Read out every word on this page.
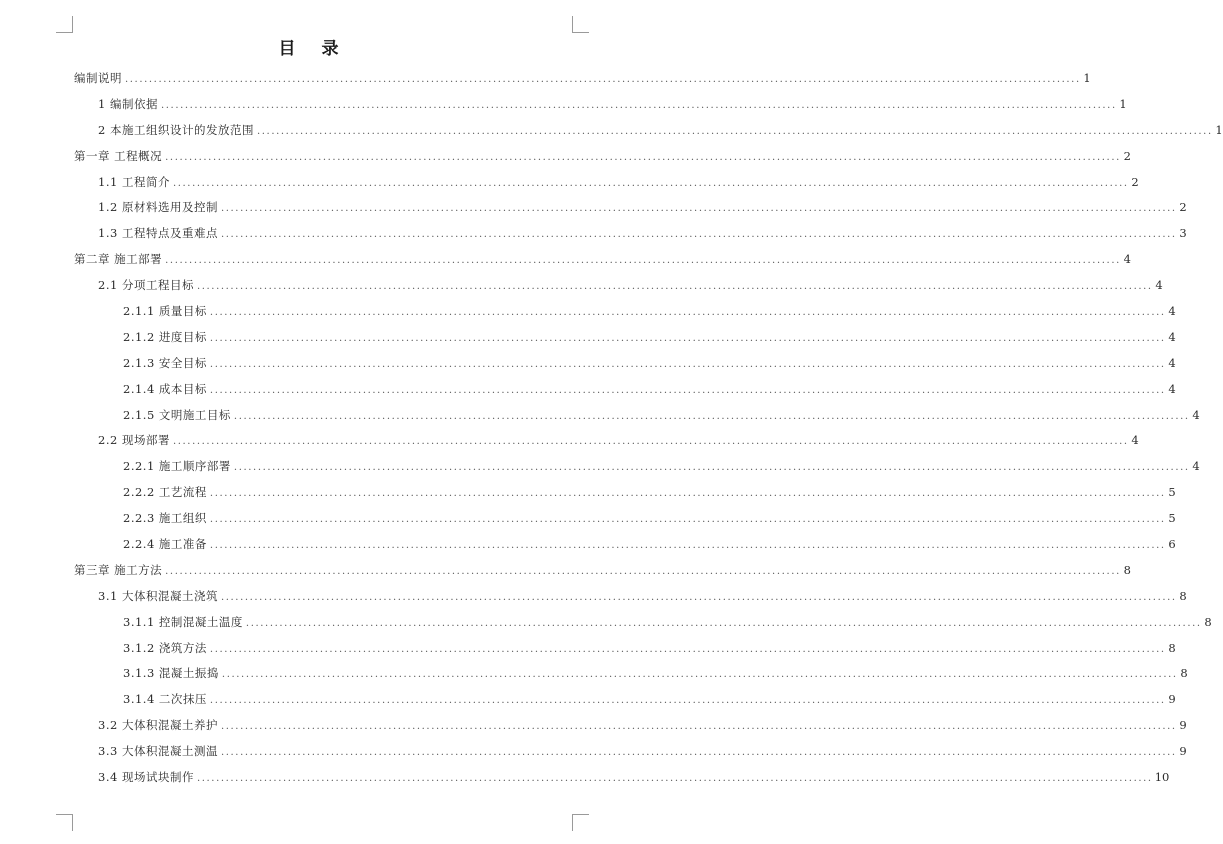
目 录
编制说明 ........................................................................................................................................................................................................ 1
1 编制依据 ........................................................................................................................................................................................................ 1
2 本施工组织设计的发放范围 ........................................................................................................................................................................................................ 1
第一章 工程概况 ........................................................................................................................................................................................................ 2
1.1 工程简介 ........................................................................................................................................................................................................ 2
1.2 原材料选用及控制 ........................................................................................................................................................................................................ 2
1.3 工程特点及重难点 ........................................................................................................................................................................................................ 3
第二章 施工部署 ........................................................................................................................................................................................................ 4
2.1 分项工程目标 ........................................................................................................................................................................................................ 4
2.1.1 质量目标 ........................................................................................................................................................................................................ 4
2.1.2 进度目标 ........................................................................................................................................................................................................ 4
2.1.3 安全目标 ........................................................................................................................................................................................................ 4
2.1.4 成本目标 ........................................................................................................................................................................................................ 4
2.1.5 文明施工目标 ........................................................................................................................................................................................................ 4
2.2 现场部署 ........................................................................................................................................................................................................ 4
2.2.1 施工顺序部署 ........................................................................................................................................................................................................ 4
2.2.2 工艺流程 ........................................................................................................................................................................................................ 5
2.2.3 施工组织 ........................................................................................................................................................................................................ 5
2.2.4 施工准备 ........................................................................................................................................................................................................ 6
第三章 施工方法 ........................................................................................................................................................................................................ 8
3.1 大体积混凝土浇筑 ........................................................................................................................................................................................................ 8
3.1.1 控制混凝土温度 ........................................................................................................................................................................................................ 8
3.1.2 浇筑方法 ........................................................................................................................................................................................................ 8
3.1.3 混凝土振捣 ........................................................................................................................................................................................................ 8
3.1.4 二次抹压 ........................................................................................................................................................................................................ 9
3.2 大体积混凝土养护 ........................................................................................................................................................................................................ 9
3.3 大体积混凝土测温 ........................................................................................................................................................................................................ 9
3.4 现场试块制作 ........................................................................................................................................................................................................ 10
